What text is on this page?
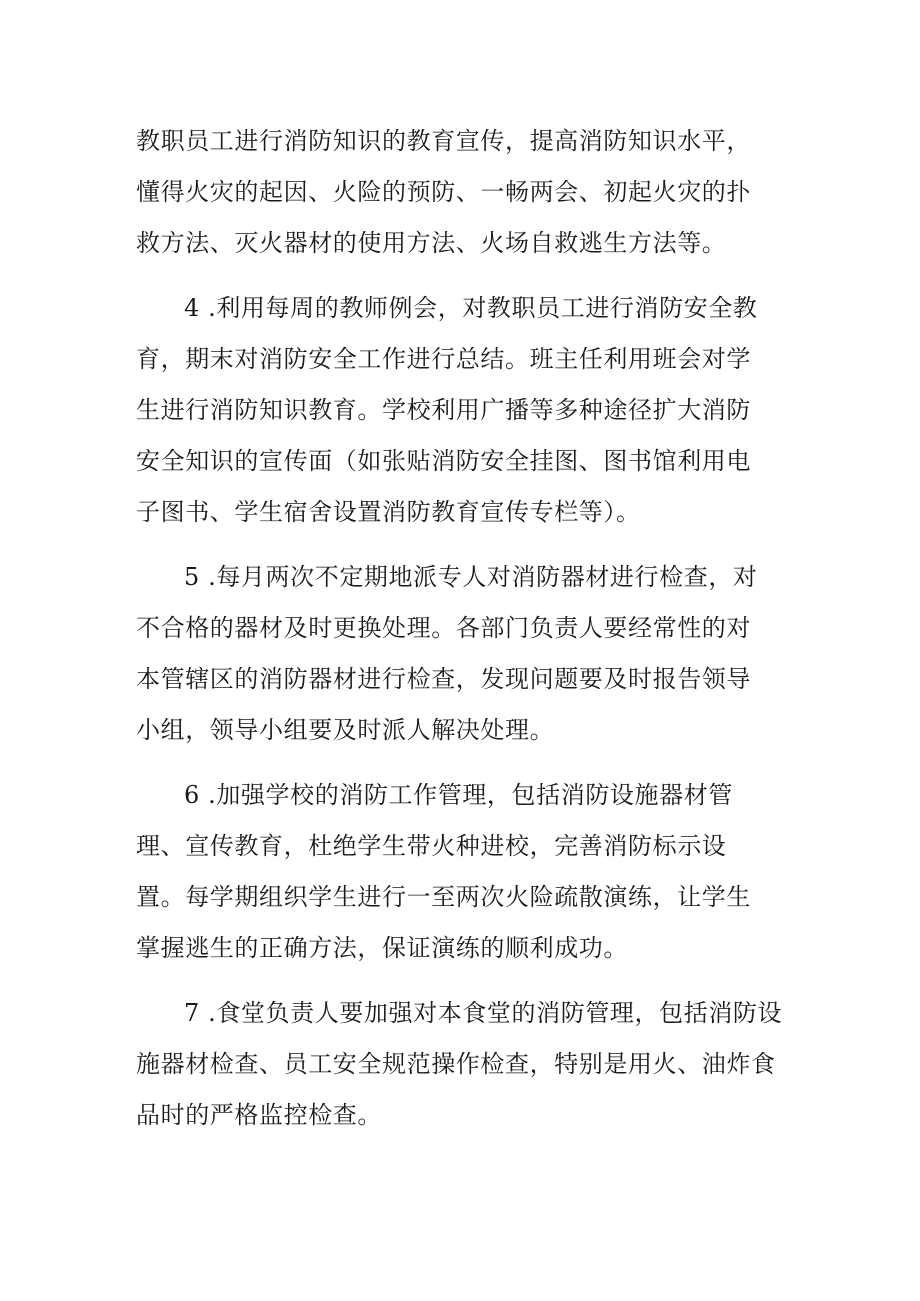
教职员工进行消防知识的教育宣传，提高消防知识水平，
懂得火灾的起因、火险的预防、一畅两会、初起火灾的扑
救方法、灭火器材的使用方法、火场自救逃生方法等。
4 .利用每周的教师例会，对教职员工进行消防安全教
育，期末对消防安全工作进行总结。班主任利用班会对学
生进行消防知识教育。学校利用广播等多种途径扩大消防
安全知识的宣传面（如张贴消防安全挂图、图书馆利用电
子图书、学生宿舍设置消防教育宣传专栏等）。
5 .每月两次不定期地派专人对消防器材进行检查，对
不合格的器材及时更换处理。各部门负责人要经常性的对
本管辖区的消防器材进行检查，发现问题要及时报告领导
小组，领导小组要及时派人解决处理。
6 .加强学校的消防工作管理，包括消防设施器材管
理、宣传教育，杜绝学生带火种进校，完善消防标示设
置。每学期组织学生进行一至两次火险疏散演练，让学生
掌握逃生的正确方法，保证演练的顺利成功。
7 .食堂负责人要加强对本食堂的消防管理，包括消防设
施器材检查、员工安全规范操作检查，特别是用火、油炸食
品时的严格监控检查。
